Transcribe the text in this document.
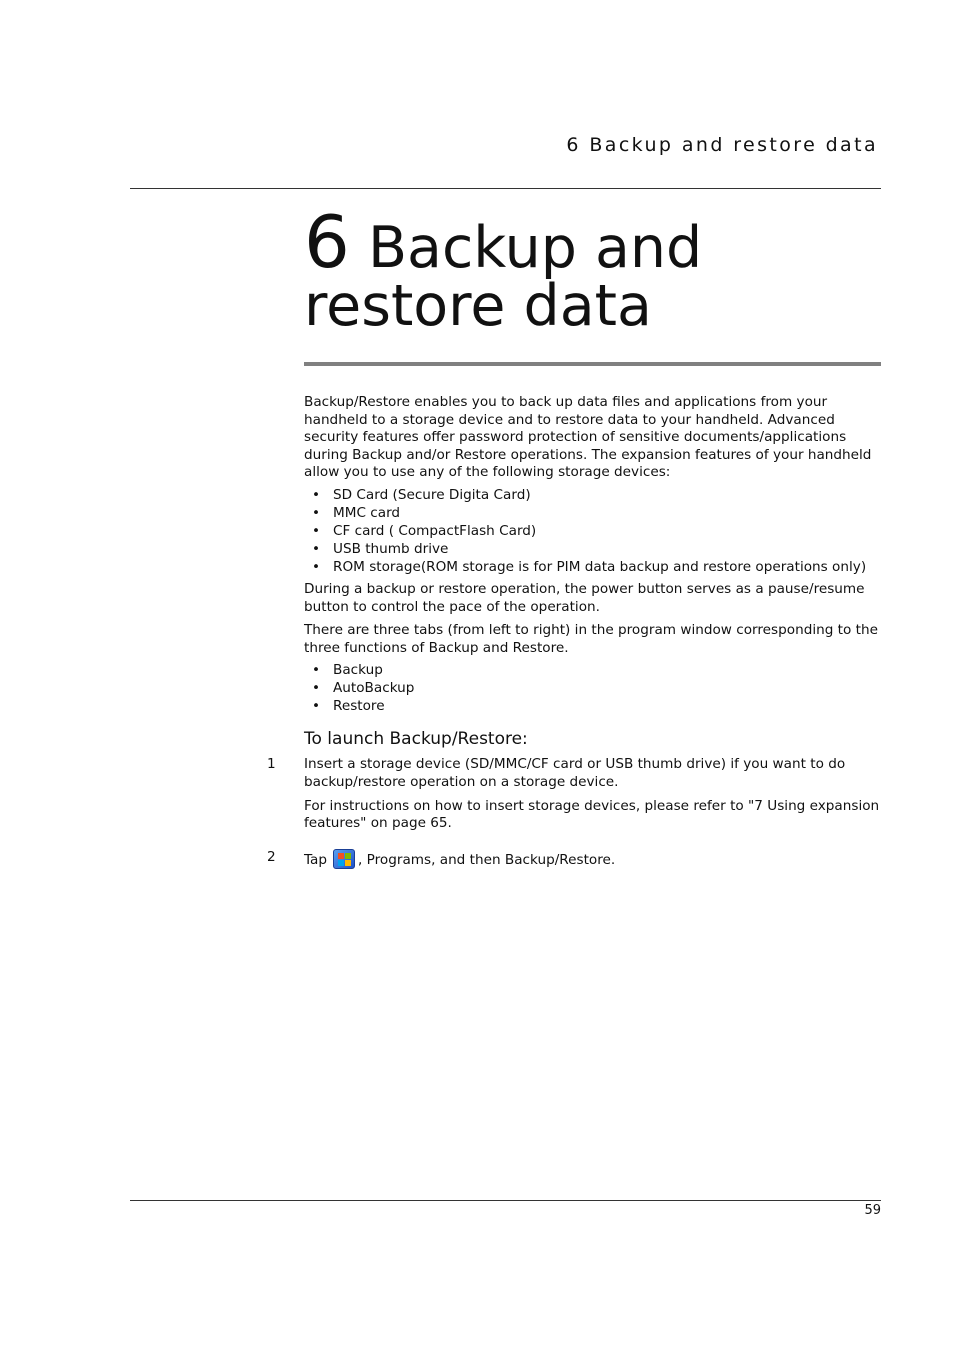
6 Backup and restore data
6 Backup and
restore data

Backup/Restore enables you to back up data files and applications from your handheld to a storage device and to restore data to your handheld. Advanced security features offer password protection of sensitive documents/applications during Backup and/or Restore operations. The expansion features of your handheld allow you to use any of the following storage devices:

• SD Card (Secure Digita Card)
• MMC card
• CF card ( CompactFlash Card)
• USB thumb drive
• ROM storage(ROM storage is for PIM data backup and restore operations only)

During a backup or restore operation, the power button serves as a pause/resume button to control the pace of the operation.

There are three tabs (from left to right) in the program window corresponding to the three functions of Backup and Restore.

• Backup
• AutoBackup
• Restore
To launch Backup/Restore:
1 Insert a storage device (SD/MMC/CF card or USB thumb drive) if you want to do backup/restore operation on a storage device.

For instructions on how to insert storage devices, please refer to "7 Using expansion features" on page 65.

2 Tap , Programs, and then Backup/Restore.

59
